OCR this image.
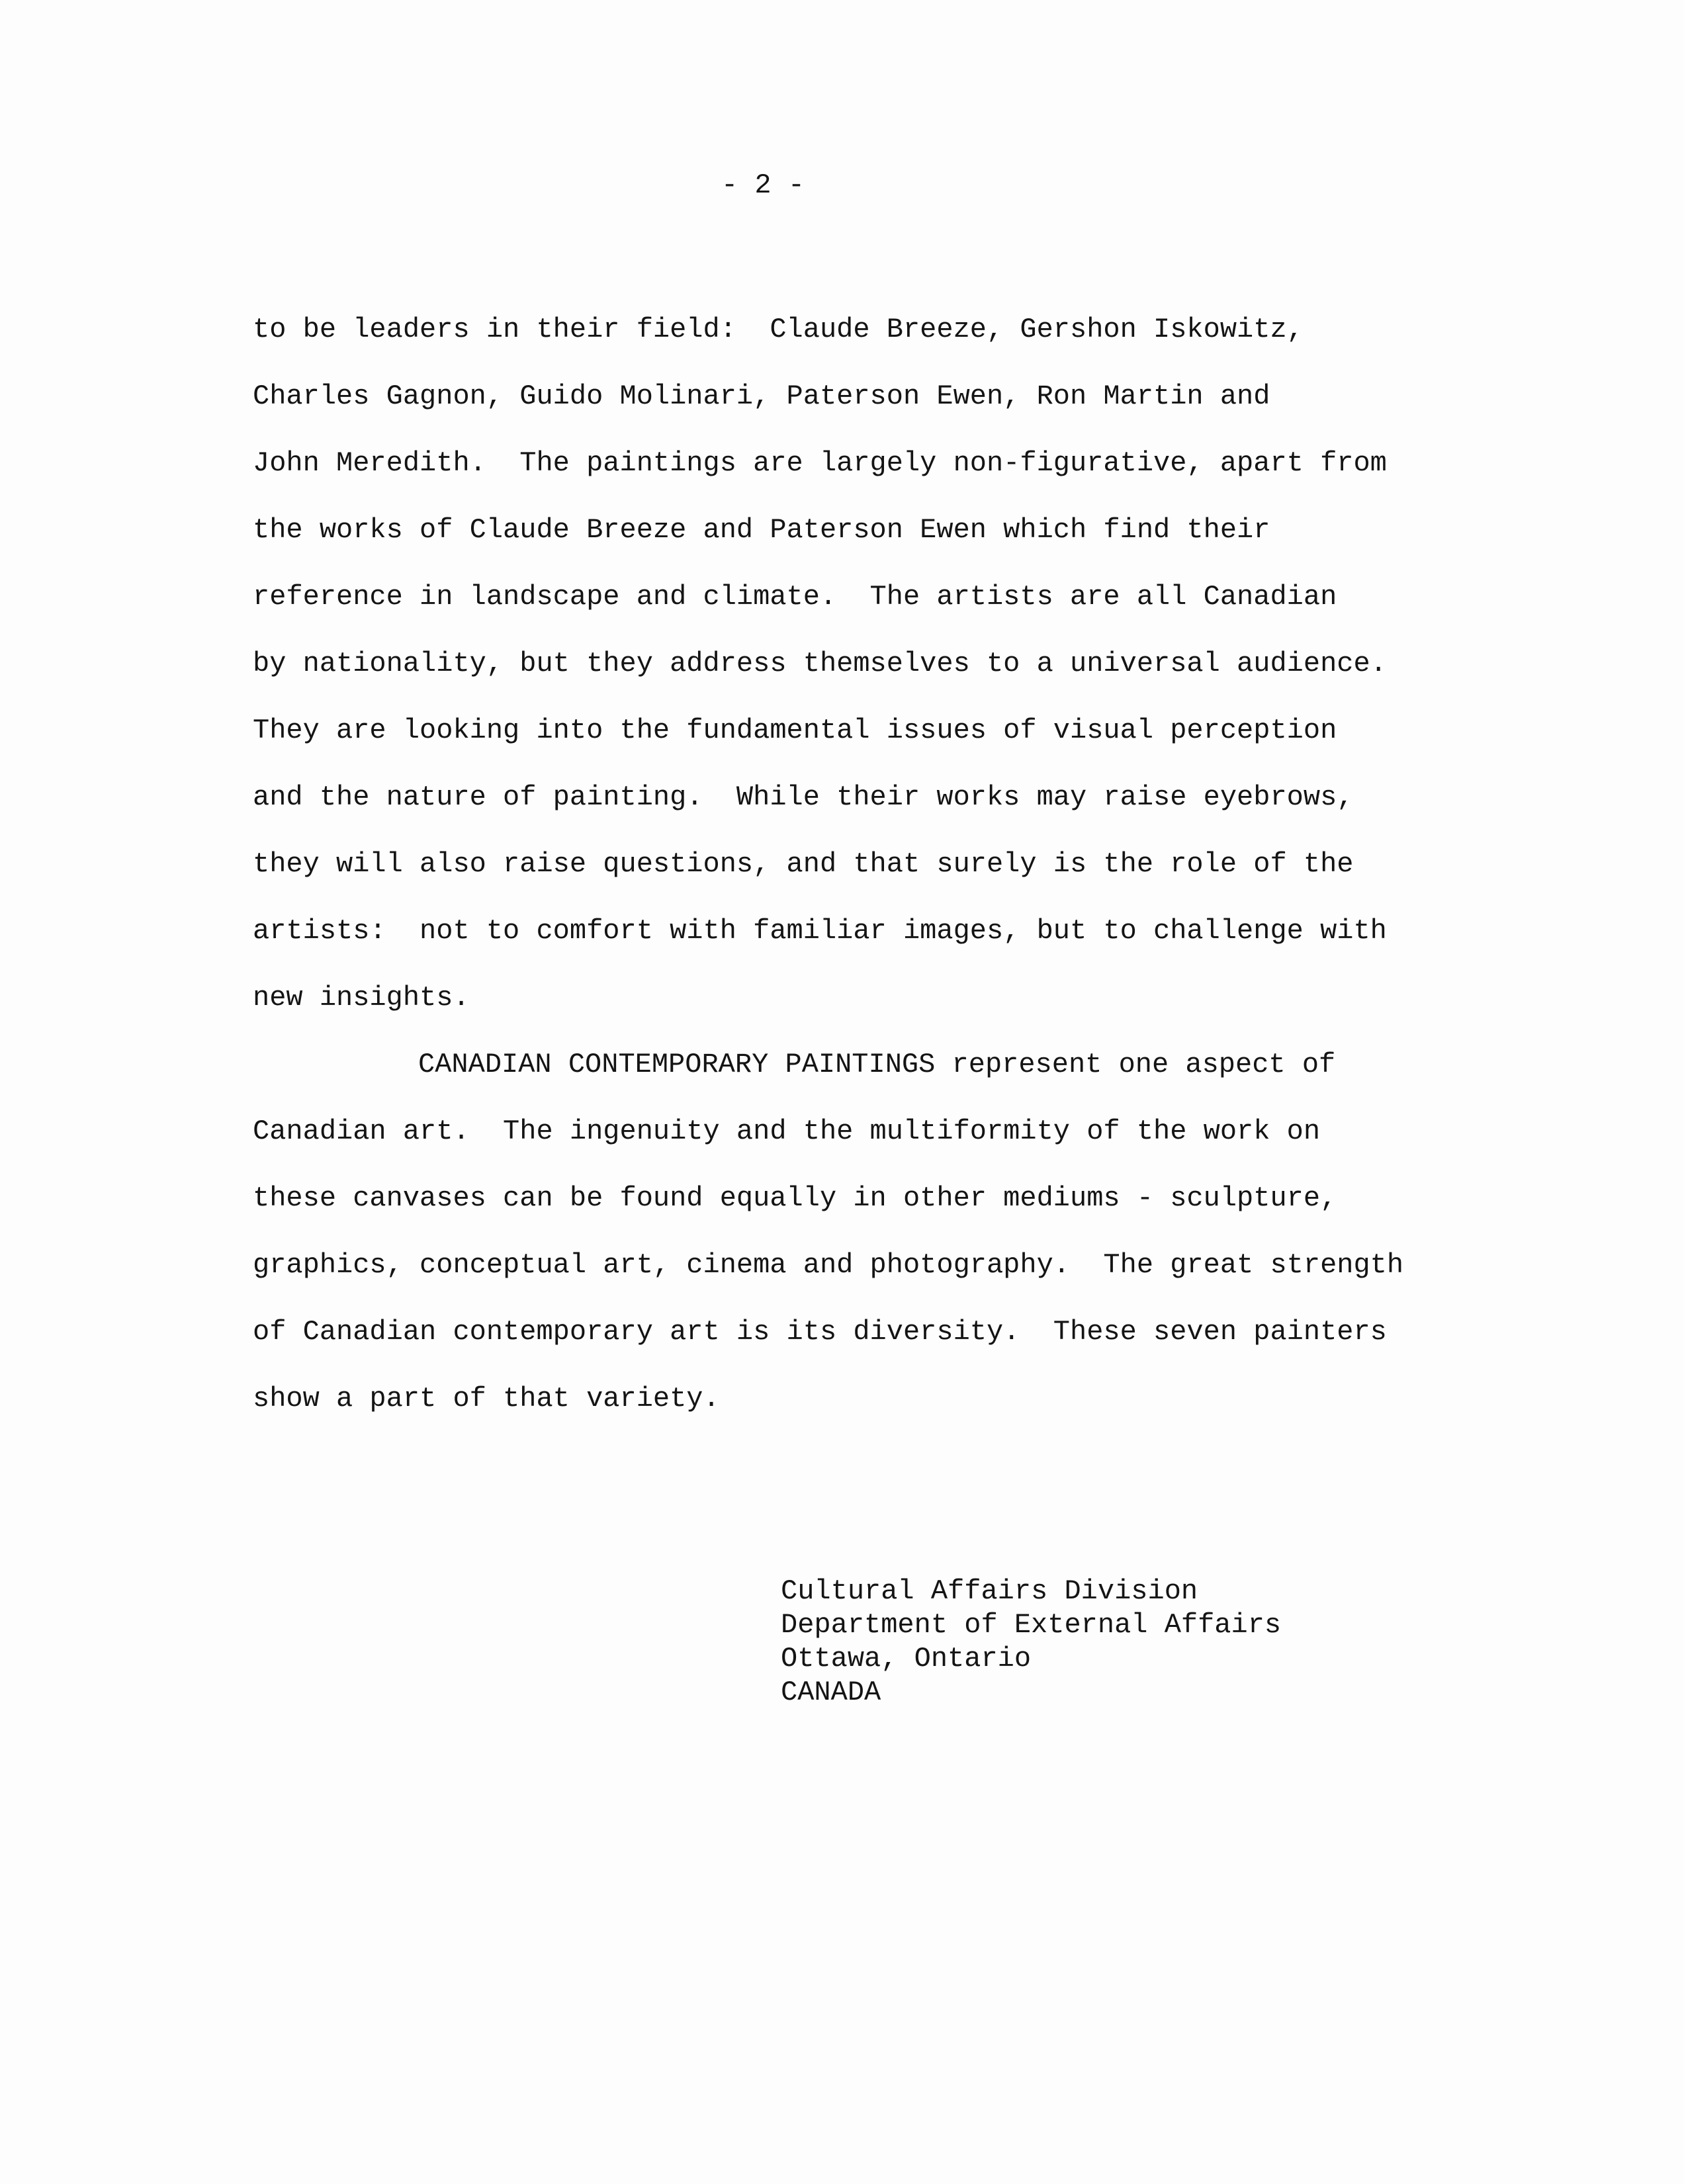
- 2 -
to be leaders in their field:  Claude Breeze, Gershon Iskowitz,
Charles Gagnon, Guido Molinari, Paterson Ewen, Ron Martin and
John Meredith.  The paintings are largely non-figurative, apart from
the works of Claude Breeze and Paterson Ewen which find their
reference in landscape and climate.  The artists are all Canadian
by nationality, but they address themselves to a universal audience.
They are looking into the fundamental issues of visual perception
and the nature of painting.  While their works may raise eyebrows,
they will also raise questions, and that surely is the role of the
artists:  not to comfort with familiar images, but to challenge with
new insights.
CANADIAN CONTEMPORARY PAINTINGS represent one aspect of
Canadian art.  The ingenuity and the multiformity of the work on
these canvases can be found equally in other mediums - sculpture,
graphics, conceptual art, cinema and photography.  The great strength
of Canadian contemporary art is its diversity.  These seven painters
show a part of that variety.
Cultural Affairs Division
Department of External Affairs
Ottawa, Ontario
CANADA
